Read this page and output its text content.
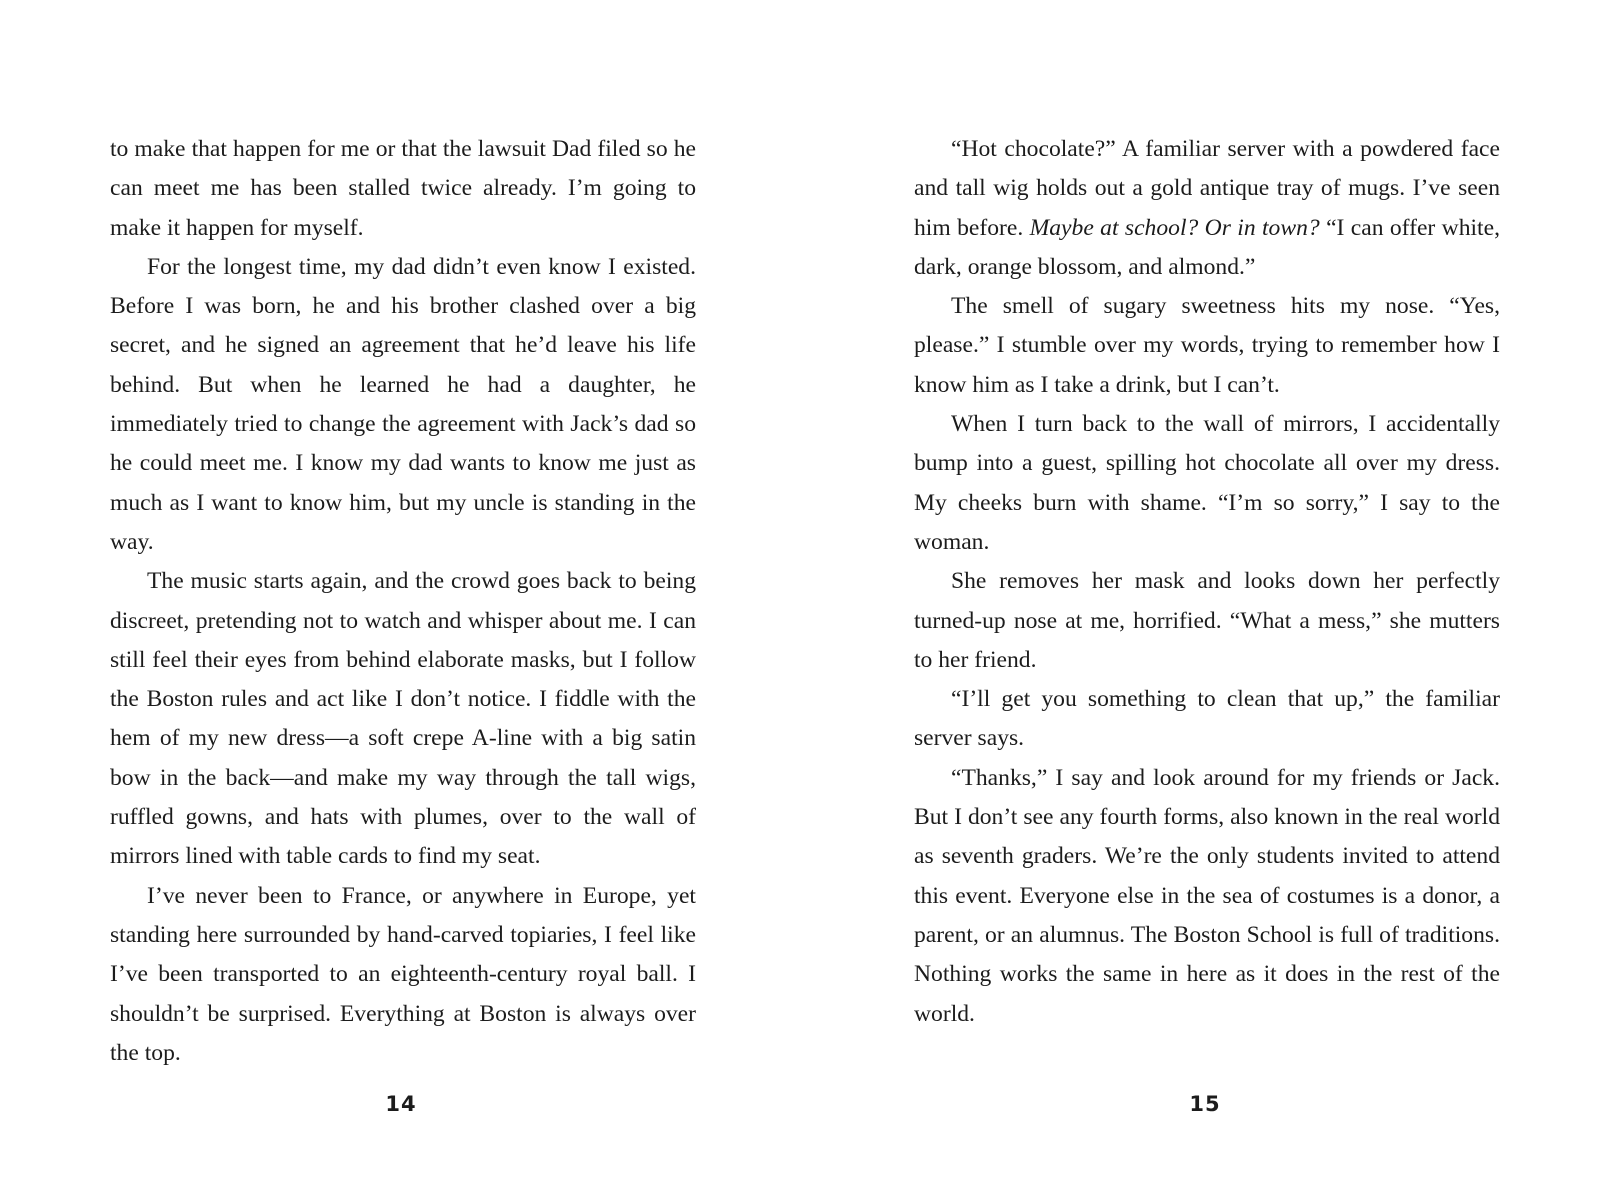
to make that happen for me or that the lawsuit Dad filed so he can meet me has been stalled twice already. I’m going to make it happen for myself.

For the longest time, my dad didn’t even know I existed. Before I was born, he and his brother clashed over a big secret, and he signed an agreement that he’d leave his life behind. But when he learned he had a daughter, he immediately tried to change the agreement with Jack’s dad so he could meet me. I know my dad wants to know me just as much as I want to know him, but my uncle is standing in the way.

The music starts again, and the crowd goes back to being discreet, pretending not to watch and whisper about me. I can still feel their eyes from behind elaborate masks, but I follow the Boston rules and act like I don’t notice. I fiddle with the hem of my new dress—a soft crepe A-line with a big satin bow in the back—and make my way through the tall wigs, ruffled gowns, and hats with plumes, over to the wall of mirrors lined with table cards to find my seat.

I’ve never been to France, or anywhere in Europe, yet standing here surrounded by hand-carved topiaries, I feel like I’ve been transported to an eighteenth-century royal ball. I shouldn’t be surprised. Everything at Boston is always over the top.

“Hot chocolate?” A familiar server with a powdered face and tall wig holds out a gold antique tray of mugs. I’ve seen him before. Maybe at school? Or in town? “I can offer white, dark, orange blossom, and almond.”

The smell of sugary sweetness hits my nose. “Yes, please.” I stumble over my words, trying to remember how I know him as I take a drink, but I can’t.

When I turn back to the wall of mirrors, I accidentally bump into a guest, spilling hot chocolate all over my dress. My cheeks burn with shame. “I’m so sorry,” I say to the woman.

She removes her mask and looks down her perfectly turned-up nose at me, horrified. “What a mess,” she mutters to her friend.

“I’ll get you something to clean that up,” the familiar server says.

“Thanks,” I say and look around for my friends or Jack. But I don’t see any fourth forms, also known in the real world as seventh graders. We’re the only students invited to attend this event. Everyone else in the sea of costumes is a donor, a parent, or an alumnus. The Boston School is full of traditions. Nothing works the same in here as it does in the rest of the world.

14	15
